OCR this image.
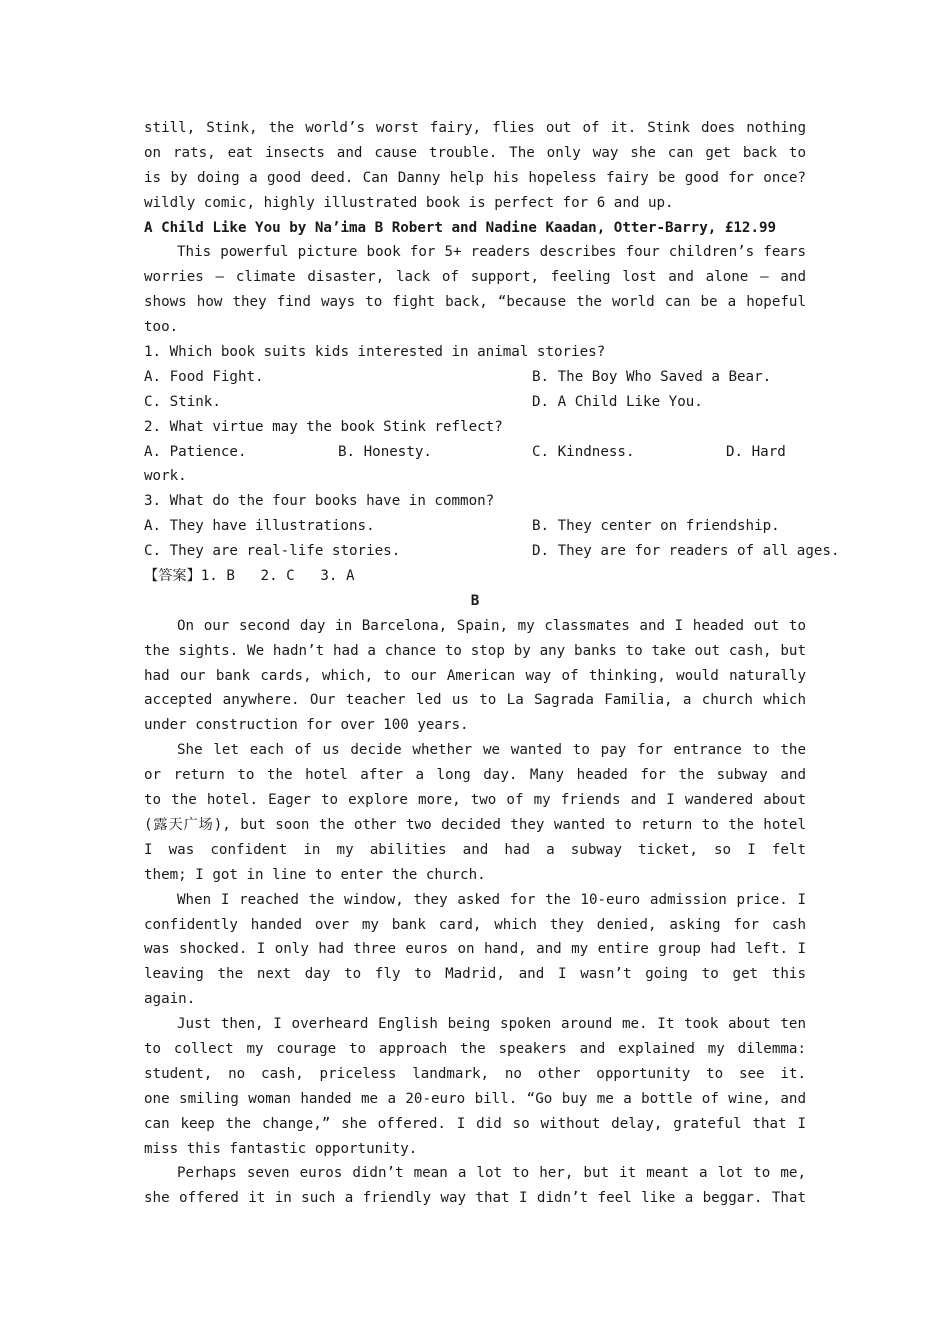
still, Stink, the world’s worst fairy, flies out of it. Stink does nothing
on rats, eat insects and cause trouble. The only way she can get back to
is by doing a good deed. Can Danny help his hopeless fairy be good for once?
wildly comic, highly illustrated book is perfect for 6 and up.
A Child Like You by Na’ima B Robert and Nadine Kaadan, Otter-Barry, £12.99
This powerful picture book for 5+ readers describes four children’s fears
worries — climate disaster, lack of support, feeling lost and alone — and
shows how they find ways to fight back, “because the world can be a hopeful
too.
1. Which book suits kids interested in animal stories?
A. Food Fight.	B. The Boy Who Saved a Bear.
C. Stink.	D. A Child Like You.
2. What virtue may the book Stink reflect?
A. Patience.	B. Honesty.	C. Kindness.	D. Hard
work.
3. What do the four books have in common?
A. They have illustrations.	B. They center on friendship.
C. They are real-life stories.	D. They are for readers of all ages.
【答案】1. B   2. C   3. A
B
On our second day in Barcelona, Spain, my classmates and I headed out to
the sights. We hadn’t had a chance to stop by any banks to take out cash, but
had our bank cards, which, to our American way of thinking, would naturally
accepted anywhere. Our teacher led us to La Sagrada Familia, a church which
under construction for over 100 years.
She let each of us decide whether we wanted to pay for entrance to the
or return to the hotel after a long day. Many headed for the subway and
to the hotel. Eager to explore more, two of my friends and I wandered about
(露天广场), but soon the other two decided they wanted to return to the hotel
I was confident in my abilities and had a subway ticket, so I felt
them; I got in line to enter the church.
When I reached the window, they asked for the 10-euro admission price. I
confidently handed over my bank card, which they denied, asking for cash
was shocked. I only had three euros on hand, and my entire group had left. I
leaving the next day to fly to Madrid, and I wasn’t going to get this
again.
Just then, I overheard English being spoken around me. It took about ten
to collect my courage to approach the speakers and explained my dilemma:
student, no cash, priceless landmark, no other opportunity to see it.
one smiling woman handed me a 20-euro bill. “Go buy me a bottle of wine, and
can keep the change,” she offered. I did so without delay, grateful that I
miss this fantastic opportunity.
Perhaps seven euros didn’t mean a lot to her, but it meant a lot to me,
she offered it in such a friendly way that I didn’t feel like a beggar. That
